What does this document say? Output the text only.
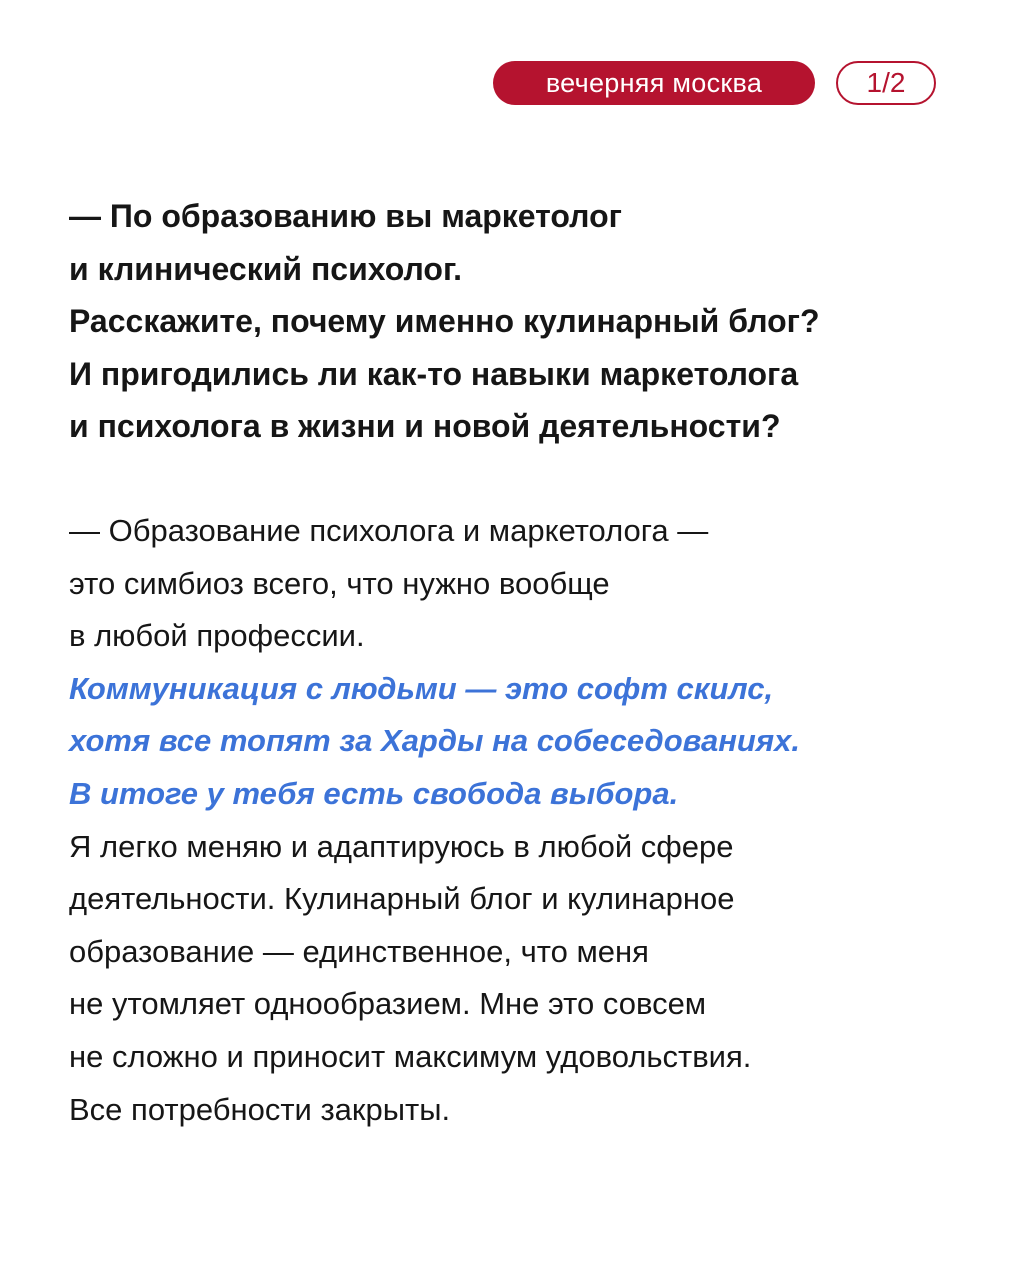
вечерняя москва	1/2
— По образованию вы маркетолог
и клинический психолог.
Расскажите, почему именно кулинарный блог?
И пригодились ли как-то навыки маркетолога
и психолога в жизни и новой деятельности?
— Образование психолога и маркетолога —
это симбиоз всего, что нужно вообще
в любой профессии.
Коммуникация с людьми — это софт скилс,
хотя все топят за Харды на собеседованиях.
В итоге у тебя есть свобода выбора.
Я легко меняю и адаптируюсь в любой сфере
деятельности. Кулинарный блог и кулинарное
образование — единственное, что меня
не утомляет однообразием. Мне это совсем
не сложно и приносит максимум удовольствия.
Все потребности закрыты.
